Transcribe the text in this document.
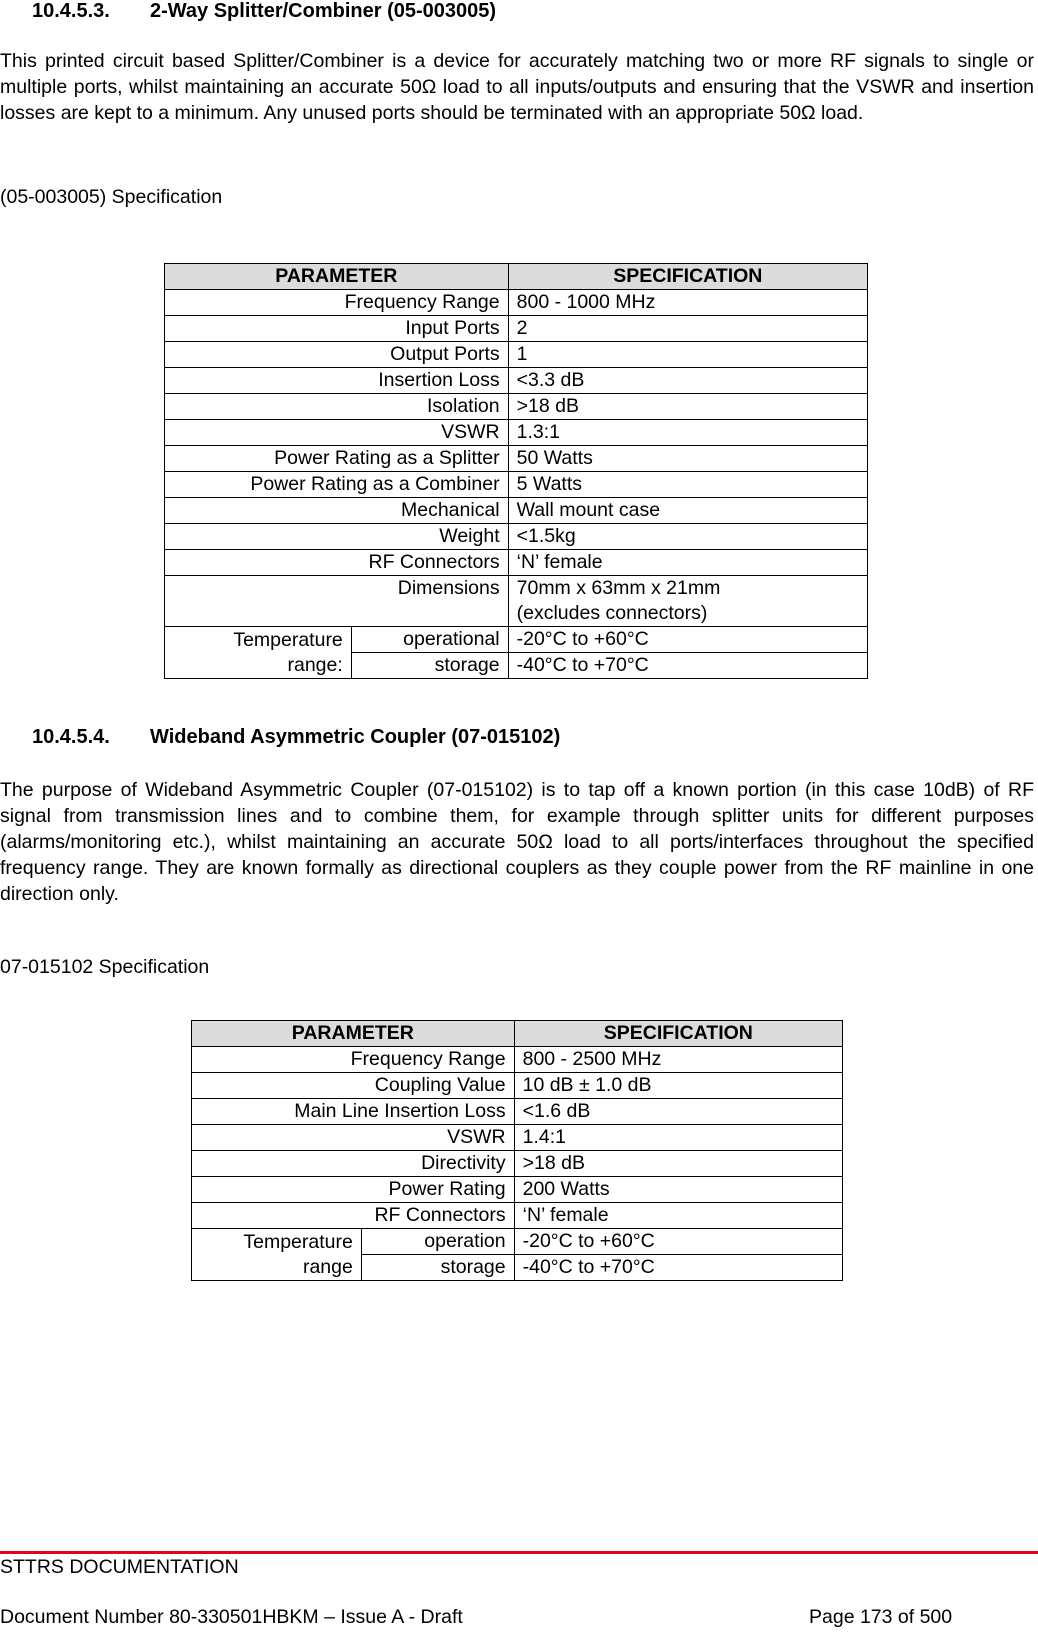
10.4.5.3. 2-Way Splitter/Combiner (05-003005)
This printed circuit based Splitter/Combiner is a device for accurately matching two or more RF signals to single or multiple ports, whilst maintaining an accurate 50Ω load to all inputs/outputs and ensuring that the VSWR and insertion losses are kept to a minimum. Any unused ports should be terminated with an appropriate 50Ω load.
(05-003005) Specification
PARAMETER		SPECIFICATION
Frequency Range		800 - 1000 MHz
Input Ports		2
Output Ports		1
Insertion Loss		<3.3 dB
Isolation		>18 dB
VSWR		1.3:1
Power Rating as a Splitter		50 Watts
Power Rating as a Combiner		5 Watts
Mechanical		Wall mount case
Weight		<1.5kg
RF Connectors		‘N’ female
Dimensions		70mm x 63mm x 21mm
(excludes connectors)

Temperature
range:	operational	-20°C to +60°C
	storage	-40°C to +70°C
10.4.5.4. Wideband Asymmetric Coupler (07-015102)
The purpose of Wideband Asymmetric Coupler (07-015102) is to tap off a known portion (in this case 10dB) of RF signal from transmission lines and to combine them, for example through splitter units for different purposes (alarms/monitoring etc.), whilst maintaining an accurate 50Ω load to all ports/interfaces throughout the specified frequency range. They are known formally as directional couplers as they couple power from the RF mainline in one direction only.
07-015102 Specification
PARAMETER		SPECIFICATION
Frequency Range		800 - 2500 MHz
Coupling Value		10 dB ± 1.0 dB
Main Line Insertion Loss		<1.6 dB
VSWR		1.4:1
Directivity		>18 dB
Power Rating		200 Watts
RF Connectors		‘N’ female

Temperature
range	operation	-20°C to +60°C
	storage	-40°C to +70°C
STTRS DOCUMENTATION
Document Number 80-330501HBKM – Issue A - Draft	Page 173 of 500
